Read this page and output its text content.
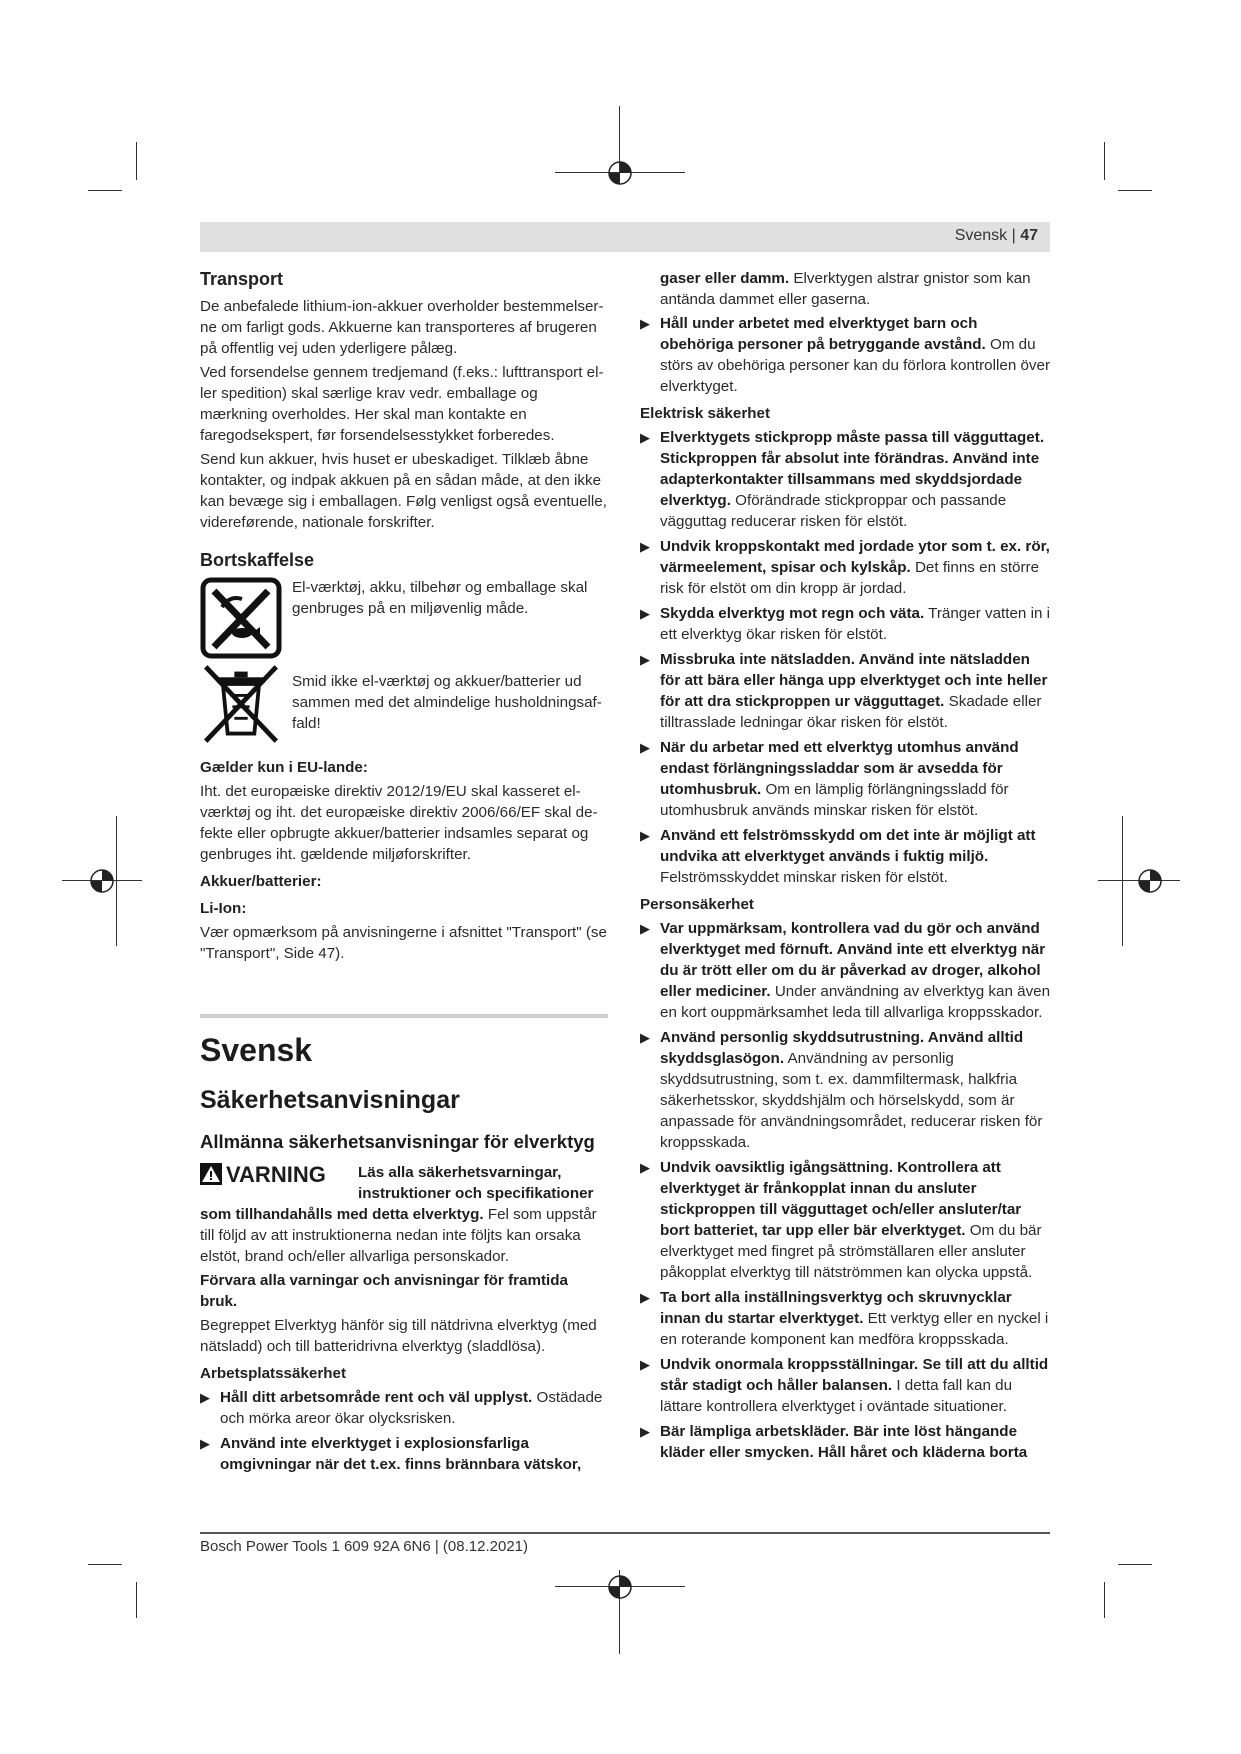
Svensk | 47
Transport

De anbefalede lithium-ion-akkuer overholder bestemmelserne om farligt gods. Akkuerne kan transporteres af brugeren på offentlig vej uden yderligere pålæg.

Ved forsendelse gennem tredjemand (f.eks.: lufttransport eller spedition) skal særlige krav vedr. emballage og mærkning overholdes. Her skal man kontakte en faregodsekspert, før forsendelsesstykket forberedes.

Send kun akkuer, hvis huset er ubeskadiget. Tilklæb åbne kontakter, og indpak akkuen på en sådan måde, at den ikke kan bevæge sig i emballagen. Følg venligst også eventuelle, videreførende, nationale forskrifter.

Bortskaffelse

El-værktøj, akku, tilbehør og emballage skal genbruges på en miljøvenlig måde.

Smid ikke el-værktøj og akkuer/batterier ud sammen med det almindelige husholdningsaffald!

Gælder kun i EU-lande:

Iht. det europæiske direktiv 2012/19/EU skal kasseret el-værktøj og iht. det europæiske direktiv 2006/66/EF skal defekte eller opbrugte akkuer/batterier indsamles separat og genbruges iht. gældende miljøforskrifter.

Akkuer/batterier:

Li-Ion:

Vær opmærksom på anvisningerne i afsnittet "Transport" (se "Transport", Side 47).

Svensk
Säkerhetsanvisningar
Allmänna säkerhetsanvisningar för elverktyg
VARNING Läs alla säkerhetsvarningar, instruktioner och specifikationer

som tillhandahålls med detta elverktyg. Fel som uppstår till följd av att instruktionerna nedan inte följts kan orsaka elstöt, brand och/eller allvarliga personskador.

Förvara alla varningar och anvisningar för framtida bruk.

Begreppet Elverktyg hänför sig till nätdrivna elverktyg (med nätsladd) och till batteridrivna elverktyg (sladdlösa).

Arbetsplatssäkerhet

▶ Håll ditt arbetsområde rent och väl upplyst. Ostädade och mörka areor ökar olycksrisken.
▶ Använd inte elverktyget i explosionsfarliga omgivningar när det t.ex. finns brännbara vätskor,

gaser eller damm. Elverktygen alstrar gnistor som kan antända dammet eller gaserna.

▶ Håll under arbetet med elverktyget barn och obehöriga personer på betryggande avstånd. Om du störs av obehöriga personer kan du förlora kontrollen över elverktyget.

Elektrisk säkerhet

▶ Elverktygets stickpropp måste passa till vägguttaget. Stickproppen får absolut inte förändras. Använd inte adapterkontakter tillsammans med skyddsjordade elverktyg. Oförändrade stickproppar och passande vägguttag reducerar risken för elstöt.
▶ Undvik kroppskontakt med jordade ytor som t. ex. rör, värmeelement, spisar och kylskåp. Det finns en större risk för elstöt om din kropp är jordad.
▶ Skydda elverktyg mot regn och väta. Tränger vatten in i ett elverktyg ökar risken för elstöt.
▶ Missbruka inte nätsladden. Använd inte nätsladden för att bära eller hänga upp elverktyget och inte heller för att dra stickproppen ur vägguttaget. Skadade eller tilltrasslade ledningar ökar risken för elstöt.
▶ När du arbetar med ett elverktyg utomhus använd endast förlängningssladdar som är avsedda för utomhusbruk. Om en lämplig förlängningssladd för utomhusbruk används minskar risken för elstöt.
▶ Använd ett felströmsskydd om det inte är möjligt att undvika att elverktyget används i fuktig miljö. Felströmsskyddet minskar risken för elstöt.

Personsäkerhet

▶ Var uppmärksam, kontrollera vad du gör och använd elverktyget med förnuft. Använd inte ett elverktyg när du är trött eller om du är påverkad av droger, alkohol eller mediciner. Under användning av elverktyg kan även en kort ouppmärksamhet leda till allvarliga kroppsskador.
▶ Använd personlig skyddsutrustning. Använd alltid skyddsglasögon. Användning av personlig skyddsutrustning, som t. ex. dammfiltermask, halkfria säkerhetsskor, skyddshjälm och hörselskydd, som är anpassade för användningsområdet, reducerar risken för kroppsskada.
▶ Undvik oavsiktlig igångsättning. Kontrollera att elverktyget är frånkopplat innan du ansluter stickproppen till vägguttaget och/eller ansluter/tar bort batteriet, tar upp eller bär elverktyget. Om du bär elverktyget med fingret på strömställaren eller ansluter påkopplat elverktyg till nätströmmen kan olycka uppstå.
▶ Ta bort alla inställningsverktyg och skruvnycklar innan du startar elverktyget. Ett verktyg eller en nyckel i en roterande komponent kan medföra kroppsskada.
▶ Undvik onormala kroppsställningar. Se till att du alltid står stadigt och håller balansen. I detta fall kan du lättare kontrollera elverktyget i oväntade situationer.
▶ Bär lämpliga arbetskläder. Bär inte löst hängande kläder eller smycken. Håll håret och kläderna borta
Bosch Power Tools 1 609 92A 6N6 | (08.12.2021)
